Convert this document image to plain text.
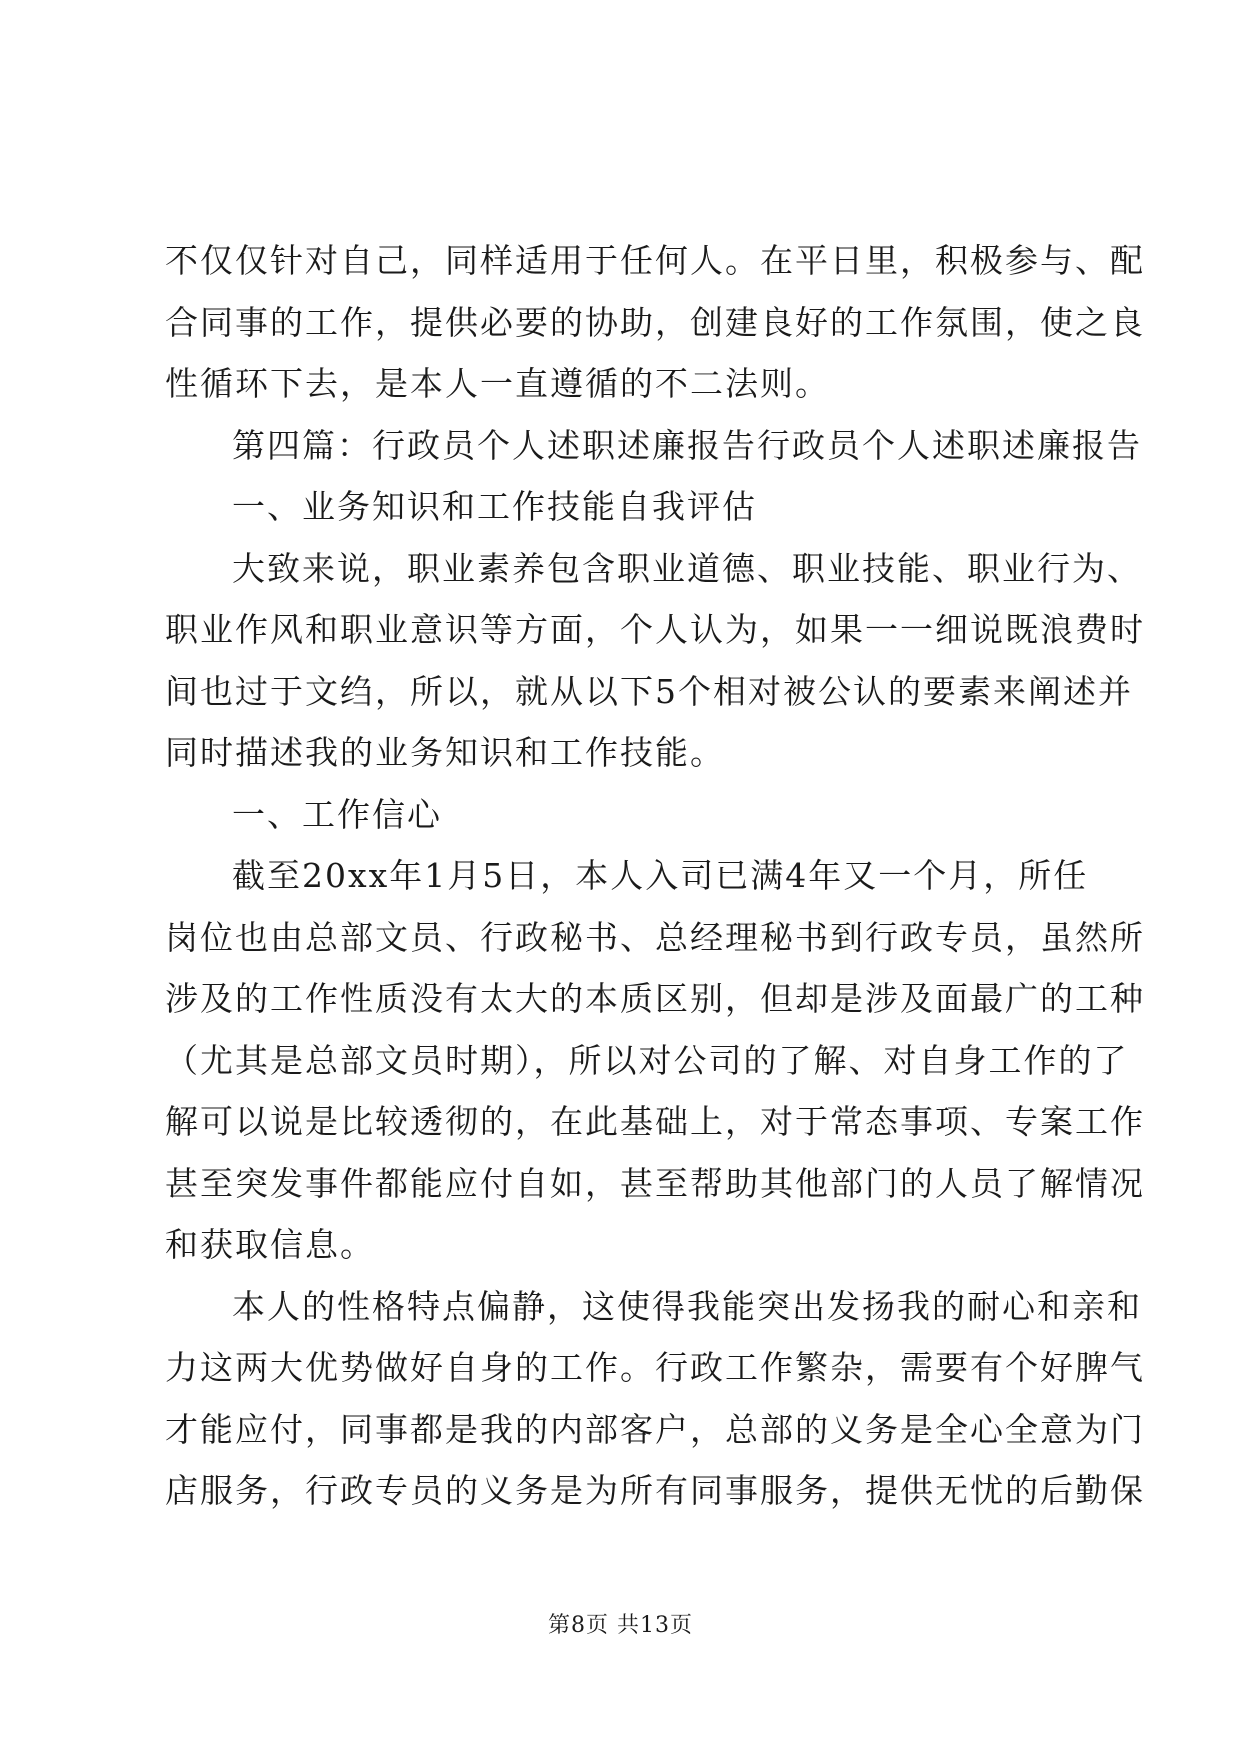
不仅仅针对自己，同样适用于任何人。在平日里，积极参与、配
合同事的工作，提供必要的协助，创建良好的工作氛围，使之良
性循环下去，是本人一直遵循的不二法则。
第四篇：行政员个人述职述廉报告行政员个人述职述廉报告
一、业务知识和工作技能自我评估
大致来说，职业素养包含职业道德、职业技能、职业行为、
职业作风和职业意识等方面，个人认为，如果一一细说既浪费时
间也过于文绉，所以，就从以下5个相对被公认的要素来阐述并
同时描述我的业务知识和工作技能。
一、工作信心
截至20xx年1月5日，本人入司已满4年又一个月，所任
岗位也由总部文员、行政秘书、总经理秘书到行政专员，虽然所
涉及的工作性质没有太大的本质区别，但却是涉及面最广的工种
（尤其是总部文员时期），所以对公司的了解、对自身工作的了
解可以说是比较透彻的，在此基础上，对于常态事项、专案工作
甚至突发事件都能应付自如，甚至帮助其他部门的人员了解情况
和获取信息。
本人的性格特点偏静，这使得我能突出发扬我的耐心和亲和
力这两大优势做好自身的工作。行政工作繁杂，需要有个好脾气
才能应付，同事都是我的内部客户，总部的义务是全心全意为门
店服务，行政专员的义务是为所有同事服务，提供无忧的后勤保
第8页 共13页
